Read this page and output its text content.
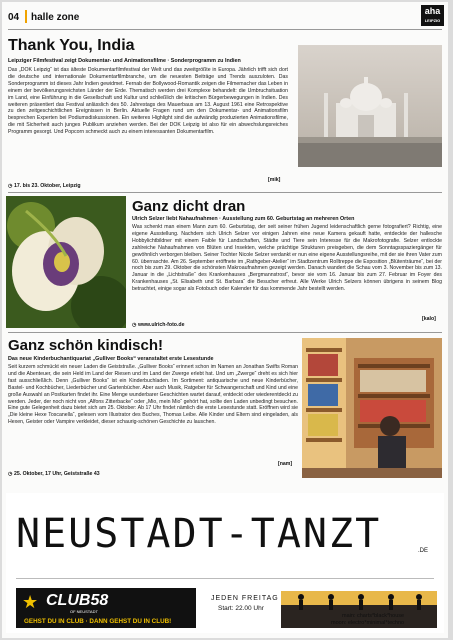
04 halle zone
aha
LEIPZIG
Thank You, India
Leipziger Filmfestival zeigt Dokumentar- und Animationsfilme · Sonderprogramm zu Indien
Das „DOK Leipzig“ ist das älteste Dokumentarfilmfestival der Welt und das zweitgrößte in Europa. Jährlich trifft sich dort die deutsche und internationale Dokumentarfilmbranche, um die neuesten Beiträge und Trends auszuloten. Das Sonderprogramm ist dieses Jahr Indien gewidmet. Fernab der Bollywood-Romantik zeigen die Filmemacher das Leben in einem der bevölkerungsreichsten Länder der Erde. Thematisch werden drei Komplexe behandelt: die Umbruchsituation im Land, eine Einführung in die Gesellschaft und Kultur und schließlich die kritischen Bürgerbewegungen in Indien. Des weiteren präsentiert das Festival anlässlich des 50. Jahrestags des Mauerbaus am 13. August 1961 eine Retrospektive zu den zeitgeschichtlichen Ereignissen in Berlin. Aktuelle Fragen rund um den Dokumentar- und Animationsfilm besprechen Experten bei Podiumsdiskussionen. Ein weiteres Highlight sind die aufwändig produzierten Animationsfilme, die mit Sicherheit auch junges Publikum anziehen werden. Bei der DOK Leipzig ist also für ein abwechslungsreiches Programm gesorgt. Und Popcorn schmeckt auch zu einem interessanten Dokumentarfilm.
◷ 17. bis 23. Oktober, Leipzig
[mik]
Ganz dicht dran
Ulrich Selzer liebt Nahaufnahmen · Ausstellung zum 60. Geburtstag an mehreren Orten
Was schenkt man einem Mann zum 60. Geburtstag, der seit seiner frühen Jugend leidenschaftlich gerne fotografiert? Richtig, eine eigene Ausstellung. Nachdem sich Ulrich Selzer vor einigen Jahren eine neue Kamera gekauft hatte, entdeckte der hallesche Hobbylichtbildner mit einem Faible für Landschaften, Städte und Tiere sein Interesse für die Makrofotografie. Selzer entlockte zahlreiche Nahaufnahmen von Blüten und Insekten, welche prächtige Strukturen preisgeben, die dem Sonntagsspaziergänger für gewöhnlich verborgen bleiben. Seiner Tochter Nicole Selzer verdankt er nun eine eigene Ausstellungsreihe, mit der sie ihren Vater zum 60. überraschte. Am 26. September eröffnete im „Rathgeber-Atelier“ im Stadtzentrum Rolltreppe die Exposition „Blütenträume“, bei der noch bis zum 29. Oktober die schönsten Makroaufnahmen gezeigt werden. Danach wandert die Schau vom 3. November bis zum 13. Januar in die „Lichtstraße“ des Krankenhauses „Bergmannstrost“, bevor sie vom 16. Januar bis zum 27. Februar im Foyer des Krankenhauses „St. Elisabeth und St. Barbara“ die Besucher erfreut. Alle Werke Ulrich Selzers können übrigens in seinem Blog betrachtet, einige sogar als Fotobuch oder Kalender für das kommende Jahr bestellt werden.
◷ www.ulrich-foto.de
[kalo]
Ganz schön kindisch!
Das neue Kinderbuchantiquariat „Gulliver Books“ veranstaltet erste Lesestunde
Seit kurzem schmückt ein neuer Laden die Geiststraße. „Gulliver Books“ erinnert schon im Namen an Jonathan Swifts Roman und die Abenteuer, die sein Held im Land der Riesen und im Land der Zwerge erlebt hat. Und um „Zwerge“ dreht es sich hier fast ausschließlich. Denn „Gulliver Books“ ist ein Kinderbuchladen. Im Sortiment: antiquarische und neue Kinderbücher, Bastel- und Kochbücher, Liederbücher und Gartenbücher. Aber auch Musik, Ratgeber für Schwangerschaft und Kind und eine große Auswahl an Postkarten findet ihr. Eine Menge wunderbarer Geschichten wartet darauf, entdeckt oder wiederentdeckt zu werden. Jeder, der noch nicht von „Alfons Zitterbacke“ oder „Mio, mein Mio“ gehört hat, sollte den Laden unbedingt besuchen. Eine gute Gelegenheit dazu bietet sich am 25. Oktober: Ab 17 Uhr findet nämlich die erste Lesestunde statt. Eröffnen wird sie „Die kleine Hexe Toscanella“, gelesen vom Illustrator des Buches, Thomas Leibe. Alle Kinder und Eltern sind eingeladen, als Hexen, Geister oder Vampire verkleidet, dieser schaurig-schönen Geschichte zu lauschen.
◷ 25. Oktober, 17 Uhr, Geiststraße 43
[nam]
NEUSTADT-TANZT	.DE
★ CLUB58
OF NEUSTADT
GEHST DU IN CLUB · DANN GEHST DU IN CLUB!
JEDEN FREITAG
Start: 22.00 Uhr
main: charts*black*house
moon: electro*minimal*techno
